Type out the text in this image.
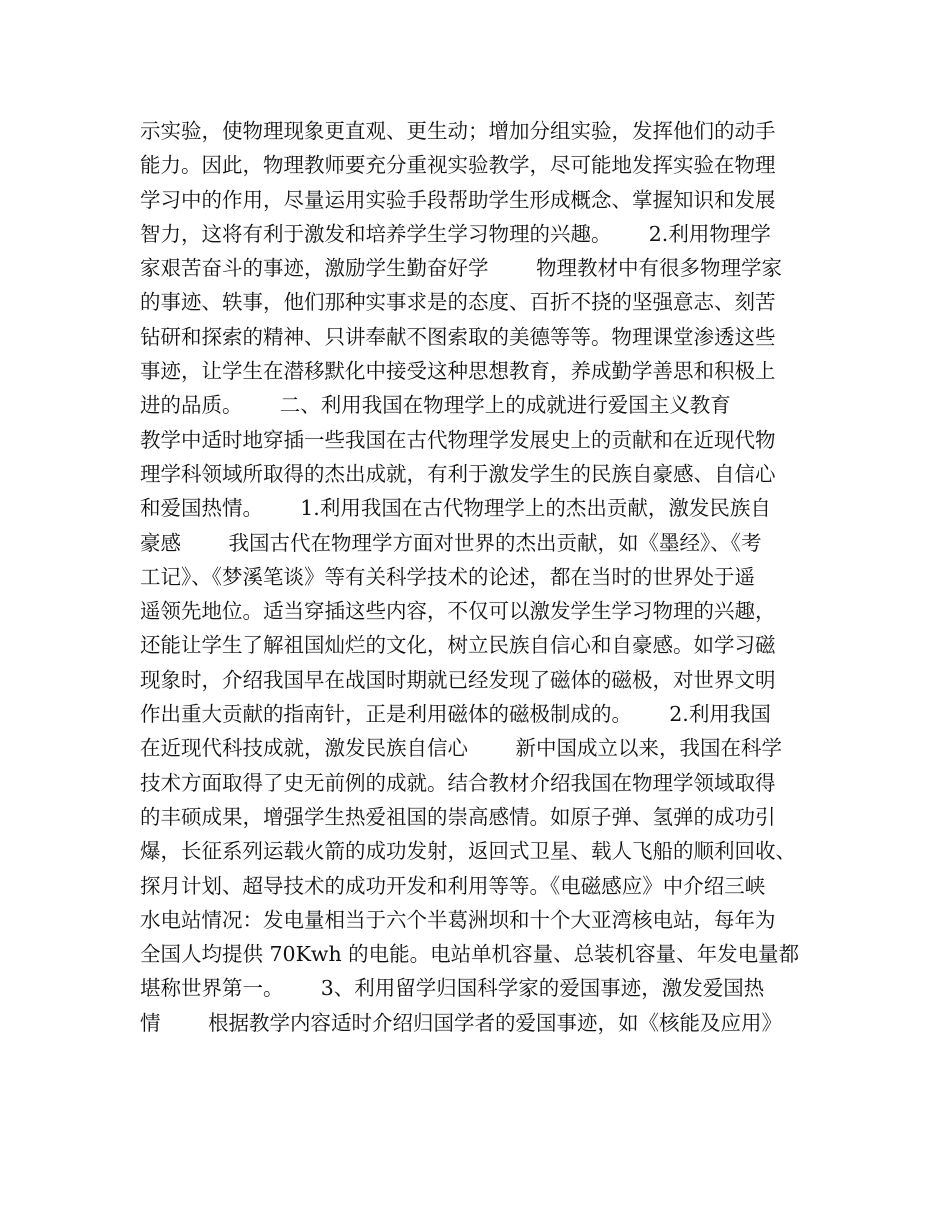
示实验，使物理现象更直观、更生动；增加分组实验，发挥他们的动手
能力。因此，物理教师要充分重视实验教学，尽可能地发挥实验在物理
学习中的作用，尽量运用实验手段帮助学生形成概念、掌握知识和发展
智力，这将有利于激发和培养学生学习物理的兴趣。　　 2.利用物理学
家艰苦奋斗的事迹，激励学生勤奋好学　　 物理教材中有很多物理学家
的事迹、轶事，他们那种实事求是的态度、百折不挠的坚强意志、刻苦
钻研和探索的精神、只讲奉献不图索取的美德等等。物理课堂渗透这些
事迹，让学生在潜移默化中接受这种思想教育，养成勤学善思和积极上
进的品质。　　 二、利用我国在物理学上的成就进行爱国主义教育
教学中适时地穿插一些我国在古代物理学发展史上的贡献和在近现代物
理学科领域所取得的杰出成就，有利于激发学生的民族自豪感、自信心
和爱国热情。　　 1.利用我国在古代物理学上的杰出贡献，激发民族自
豪感　　 我国古代在物理学方面对世界的杰出贡献，如《墨经》、《考
工记》、《梦溪笔谈》等有关科学技术的论述，都在当时的世界处于遥
遥领先地位。适当穿插这些内容，不仅可以激发学生学习物理的兴趣，
还能让学生了解祖国灿烂的文化，树立民族自信心和自豪感。如学习磁
现象时，介绍我国早在战国时期就已经发现了磁体的磁极，对世界文明
作出重大贡献的指南针，正是利用磁体的磁极制成的。　　 2.利用我国
在近现代科技成就，激发民族自信心　　 新中国成立以来，我国在科学
技术方面取得了史无前例的成就。结合教材介绍我国在物理学领域取得
的丰硕成果，增强学生热爱祖国的崇高感情。如原子弹、氢弹的成功引
爆，长征系列运载火箭的成功发射，返回式卫星、载人飞船的顺利回收、
探月计划、超导技术的成功开发和利用等等。《电磁感应》中介绍三峡
水电站情况：发电量相当于六个半葛洲坝和十个大亚湾核电站，每年为
全国人均提供 70Kwh 的电能。电站单机容量、总装机容量、年发电量都
堪称世界第一。　　 3、利用留学归国科学家的爱国事迹，激发爱国热
情　　 根据教学内容适时介绍归国学者的爱国事迹，如《核能及应用》
